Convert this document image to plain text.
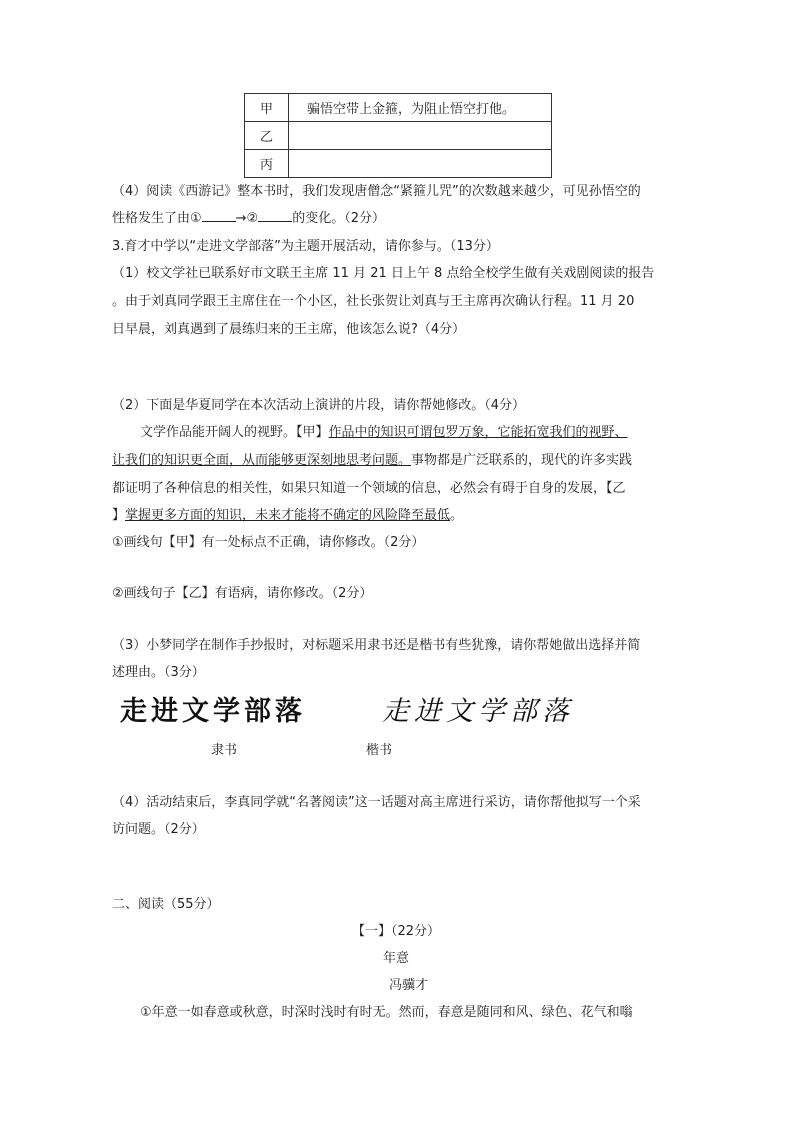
甲	骗悟空带上金箍，为阻止悟空打他。
乙	
丙	
（4）阅读《西游记》整本书时，我们发现唐僧念“紧箍儿咒”的次数越来越少，可见孙悟空的
性格发生了由①	→②	的变化。（2分）
3.育才中学以“走进文学部落”为主题开展活动，请你参与。（13分）
（1）校文学社已联系好市文联王主席 11 月 21 日上午 8 点给全校学生做有关戏剧阅读的报告
。由于刘真同学跟王主席住在一个小区，社长张贺让刘真与王主席再次确认行程。11 月 20
日早晨，刘真遇到了晨练归来的王主席，他该怎么说?（4分）
（2）下面是华夏同学在本次活动上演讲的片段，请你帮她修改。（4分）
文学作品能开阔人的视野。【甲】作品中的知识可谓包罗万象，它能拓宽我们的视野、
让我们的知识更全面，从而能够更深刻地思考问题。事物都是广泛联系的，现代的许多实践
都证明了各种信息的相关性，如果只知道一个领域的信息，必然会有碍于自身的发展，【乙
】掌握更多方面的知识，未来才能将不确定的风险降至最低。
①画线句【甲】有一处标点不正确，请你修改。（2分）
②画线句子【乙】有语病，请你修改。（2分）
（3）小梦同学在制作手抄报时，对标题采用隶书还是楷书有些犹豫，请你帮她做出选择并简
述理由。（3分）
走进文学部落	走进文学部落
隶书	楷书
（4）活动结束后，李真同学就“名著阅读”这一话题对高主席进行采访，请你帮他拟写一个采
访问题。（2分）
二、阅读（55分）
【一】（22分）
年意
冯骥才
①年意一如春意或秋意，时深时浅时有时无。然而，春意是随同和风、绿色、花气和嗡
